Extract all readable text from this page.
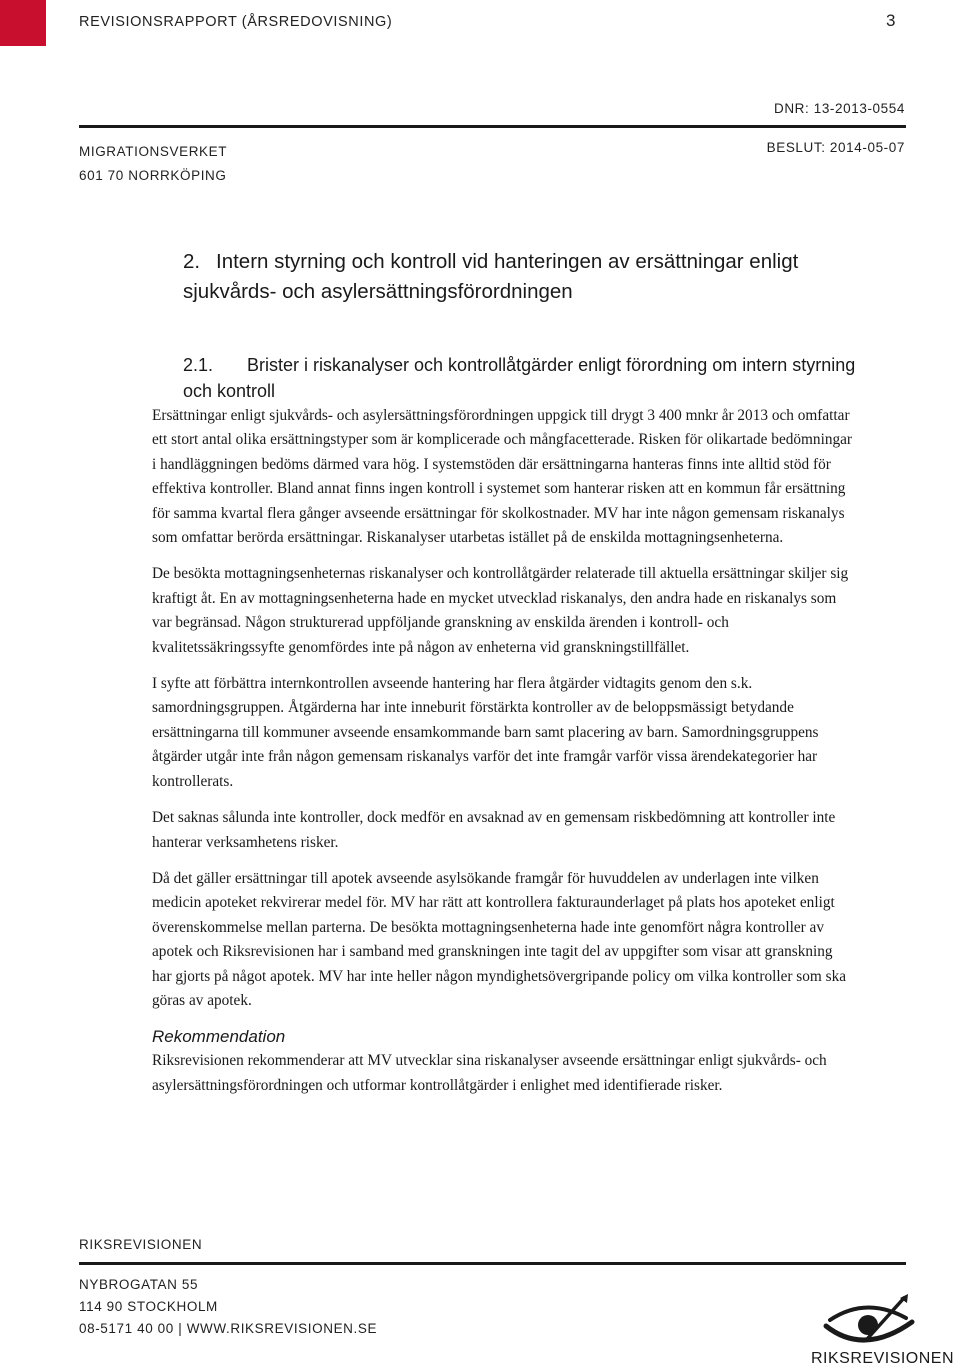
REVISIONSRAPPORT (ÅRSREDOVISNING)	3
DNR: 13-2013-0554
MIGRATIONSVERKET
601 70 NORRKÖPING
BESLUT: 2014-05-07
2. Intern styrning och kontroll vid hanteringen av ersättningar enligt sjukvårds- och asylersättningsförordningen
2.1. Brister i riskanalyser och kontrollåtgärder enligt förordning om intern styrning och kontroll

Ersättningar enligt sjukvårds- och asylersättningsförordningen uppgick till drygt 3 400 mnkr år 2013 och omfattar ett stort antal olika ersättningstyper som är komplicerade och mångfacetterade. Risken för olikartade bedömningar i handläggningen bedöms därmed vara hög. I systemstöden där ersättningarna hanteras finns inte alltid stöd för effektiva kontroller. Bland annat finns ingen kontroll i systemet som hanterar risken att en kommun får ersättning för samma kvartal flera gånger avseende ersättningar för skolkostnader. MV har inte någon gemensam riskanalys som omfattar berörda ersättningar. Riskanalyser utarbetas istället på de enskilda mottagningsenheterna.

De besökta mottagningsenheternas riskanalyser och kontrollåtgärder relaterade till aktuella ersättningar skiljer sig kraftigt åt. En av mottagningsenheterna hade en mycket utvecklad riskanalys, den andra hade en riskanalys som var begränsad. Någon strukturerad uppföljande granskning av enskilda ärenden i kontroll- och kvalitetssäkringssyfte genomfördes inte på någon av enheterna vid granskningstillfället.

I syfte att förbättra internkontrollen avseende hantering har flera åtgärder vidtagits genom den s.k. samordningsgruppen. Åtgärderna har inte inneburit förstärkta kontroller av de beloppsmässigt betydande ersättningarna till kommuner avseende ensamkommande barn samt placering av barn. Samordningsgruppens åtgärder utgår inte från någon gemensam riskanalys varför det inte framgår varför vissa ärendekategorier har kontrollerats.

Det saknas sålunda inte kontroller, dock medför en avsaknad av en gemensam riskbedömning att kontroller inte hanterar verksamhetens risker.

Då det gäller ersättningar till apotek avseende asylsökande framgår för huvuddelen av underlagen inte vilken medicin apoteket rekvirerar medel för. MV har rätt att kontrollera fakturaunderlaget på plats hos apoteket enligt överenskommelse mellan parterna. De besökta mottagningsenheterna hade inte genomfört några kontroller av apotek och Riksrevisionen har i samband med granskningen inte tagit del av uppgifter som visar att granskning har gjorts på något apotek. MV har inte heller någon myndighetsövergripande policy om vilka kontroller som ska göras av apotek.

Rekommendation

Riksrevisionen rekommenderar att MV utvecklar sina riskanalyser avseende ersättningar enligt sjukvårds- och asylersättningsförordningen och utformar kontrollåtgärder i enlighet med identifierade risker.

RIKSREVISIONEN
NYBROGATAN 55
114 90 STOCKHOLM
08-5171 40 00 | WWW.RIKSREVISIONEN.SE
RIKSREVISIONEN
